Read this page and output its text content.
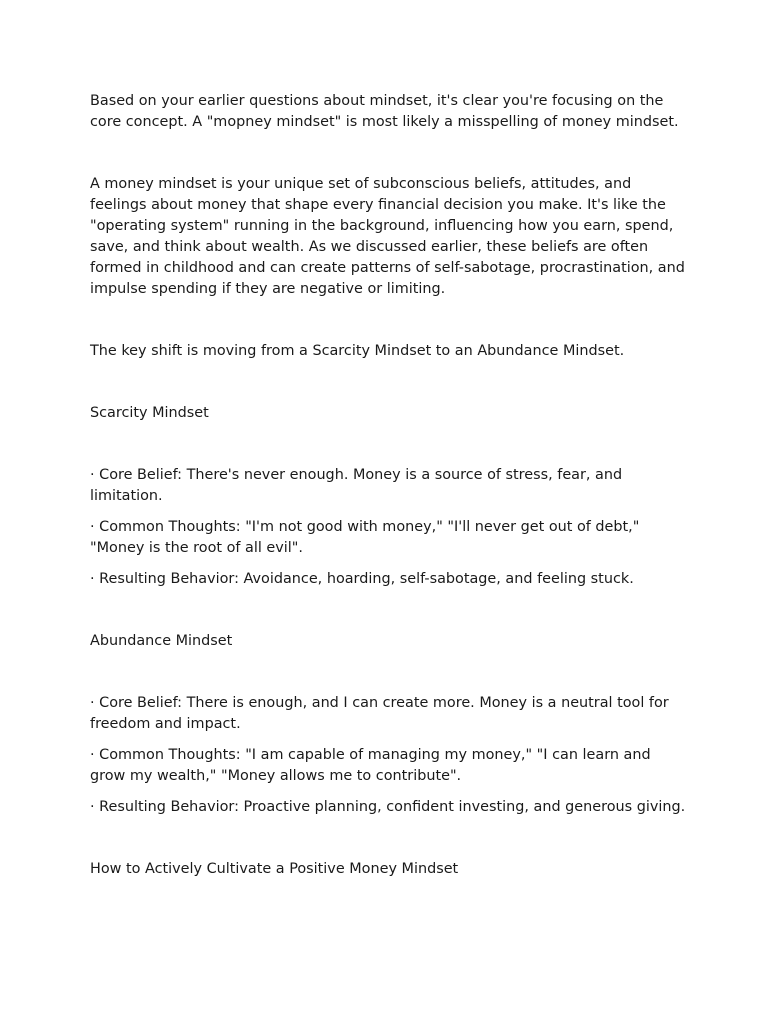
Based on your earlier questions about mindset, it's clear you're focusing on the core concept. A "mopney mindset" is most likely a misspelling of money mindset.

A money mindset is your unique set of subconscious beliefs, attitudes, and feelings about money that shape every financial decision you make. It's like the "operating system" running in the background, influencing how you earn, spend, save, and think about wealth. As we discussed earlier, these beliefs are often formed in childhood and can create patterns of self-sabotage, procrastination, and impulse spending if they are negative or limiting.

The key shift is moving from a Scarcity Mindset to an Abundance Mindset.

Scarcity Mindset

· Core Belief: There's never enough. Money is a source of stress, fear, and limitation.

· Common Thoughts: "I'm not good with money," "I'll never get out of debt," "Money is the root of all evil".

· Resulting Behavior: Avoidance, hoarding, self-sabotage, and feeling stuck.

Abundance Mindset

· Core Belief: There is enough, and I can create more. Money is a neutral tool for freedom and impact.

· Common Thoughts: "I am capable of managing my money," "I can learn and grow my wealth," "Money allows me to contribute".

· Resulting Behavior: Proactive planning, confident investing, and generous giving.

How to Actively Cultivate a Positive Money Mindset
